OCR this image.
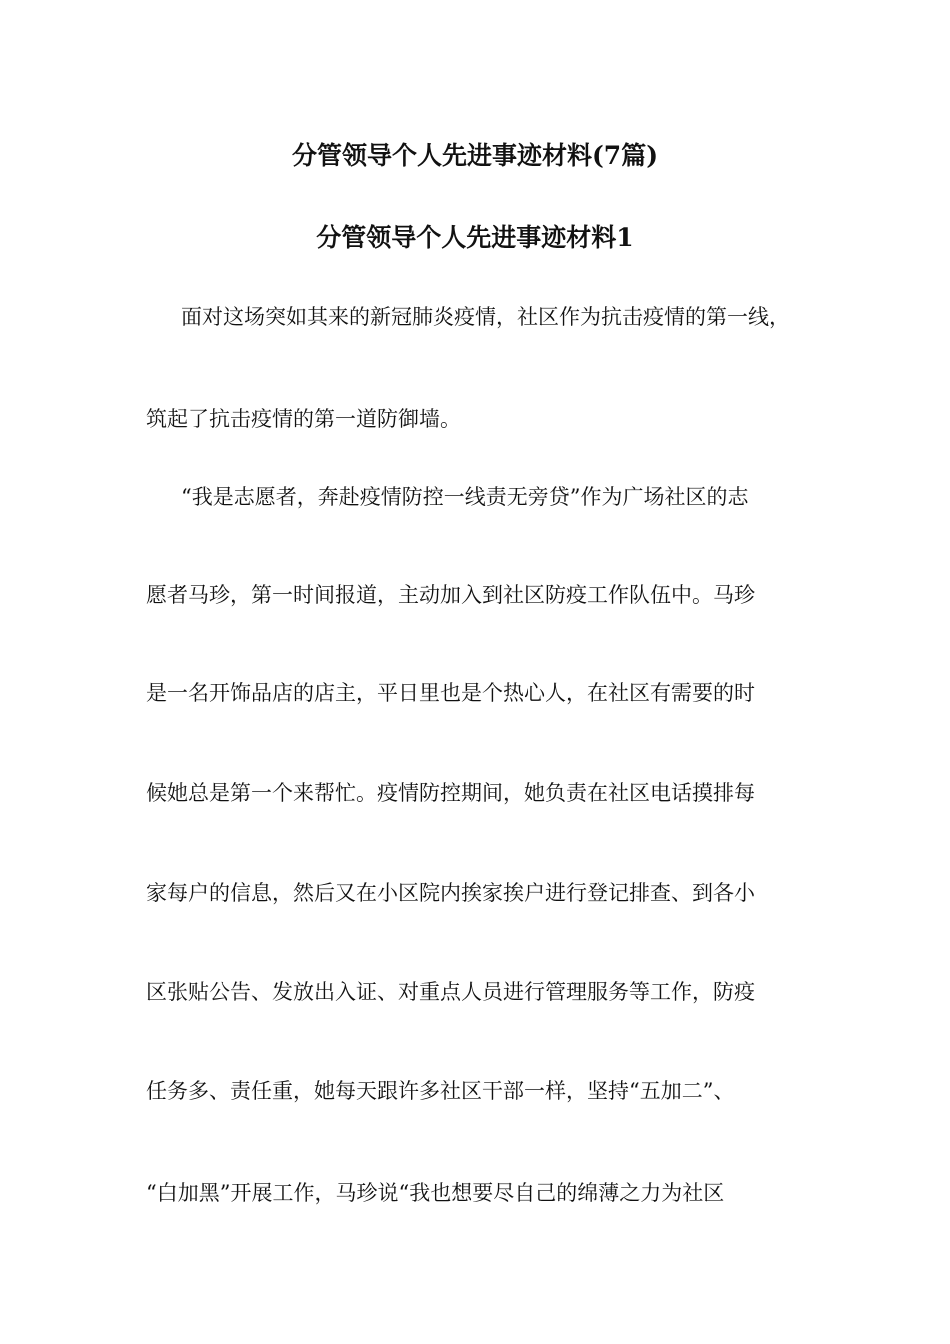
分管领导个人先进事迹材料(7篇)
分管领导个人先进事迹材料1
面对这场突如其来的新冠肺炎疫情，社区作为抗击疫情的第一线，
筑起了抗击疫情的第一道防御墙。
“我是志愿者，奔赴疫情防控一线责无旁贷”作为广场社区的志
愿者马珍，第一时间报道，主动加入到社区防疫工作队伍中。马珍
是一名开饰品店的店主，平日里也是个热心人，在社区有需要的时
候她总是第一个来帮忙。疫情防控期间，她负责在社区电话摸排每
家每户的信息，然后又在小区院内挨家挨户进行登记排查、到各小
区张贴公告、发放出入证、对重点人员进行管理服务等工作，防疫
任务多、责任重，她每天跟许多社区干部一样，坚持“五加二”、
“白加黑”开展工作，马珍说“我也想要尽自己的绵薄之力为社区
